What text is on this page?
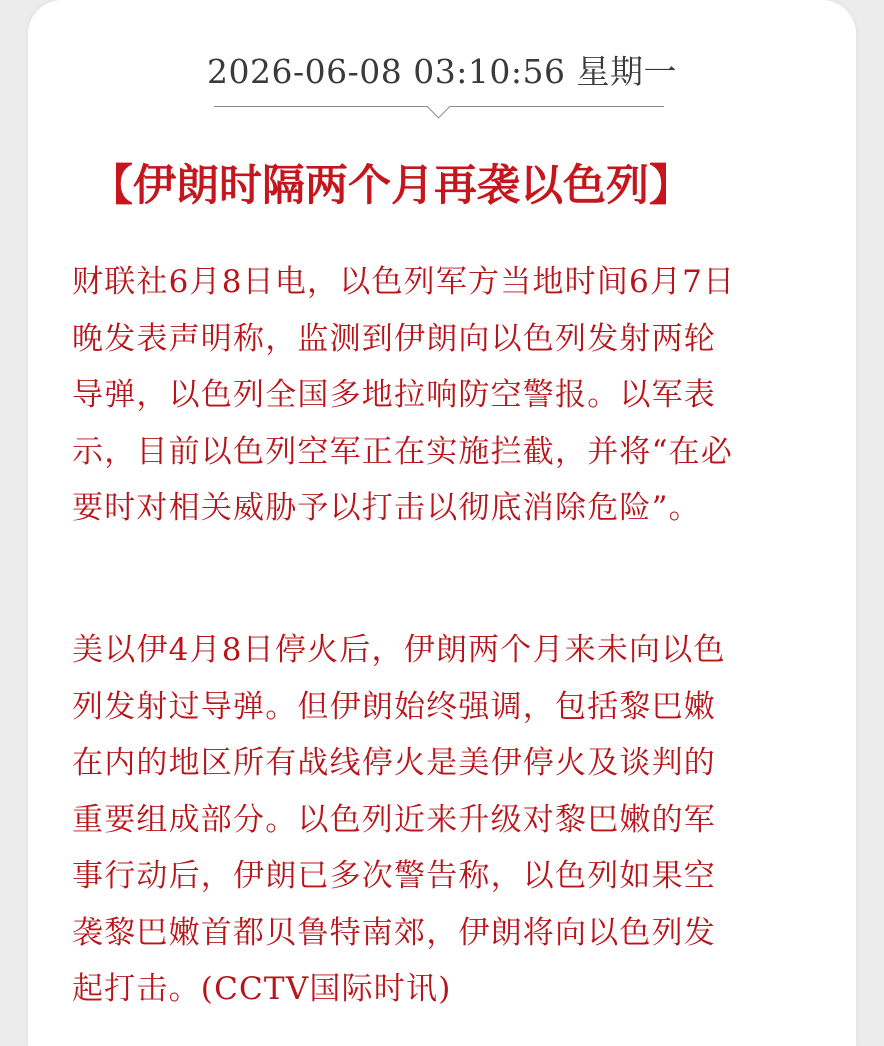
2026-06-08 03:10:56 星期一
【伊朗时隔两个月再袭以色列】
财联社6月8日电，以色列军方当地时间6月7日
晚发表声明称，监测到伊朗向以色列发射两轮
导弹，以色列全国多地拉响防空警报。以军表
示，目前以色列空军正在实施拦截，并将“在必
要时对相关威胁予以打击以彻底消除危险”。
美以伊4月8日停火后，伊朗两个月来未向以色
列发射过导弹。但伊朗始终强调，包括黎巴嫩
在内的地区所有战线停火是美伊停火及谈判的
重要组成部分。以色列近来升级对黎巴嫩的军
事行动后，伊朗已多次警告称，以色列如果空
袭黎巴嫩首都贝鲁特南郊，伊朗将向以色列发
起打击。(CCTV国际时讯)
